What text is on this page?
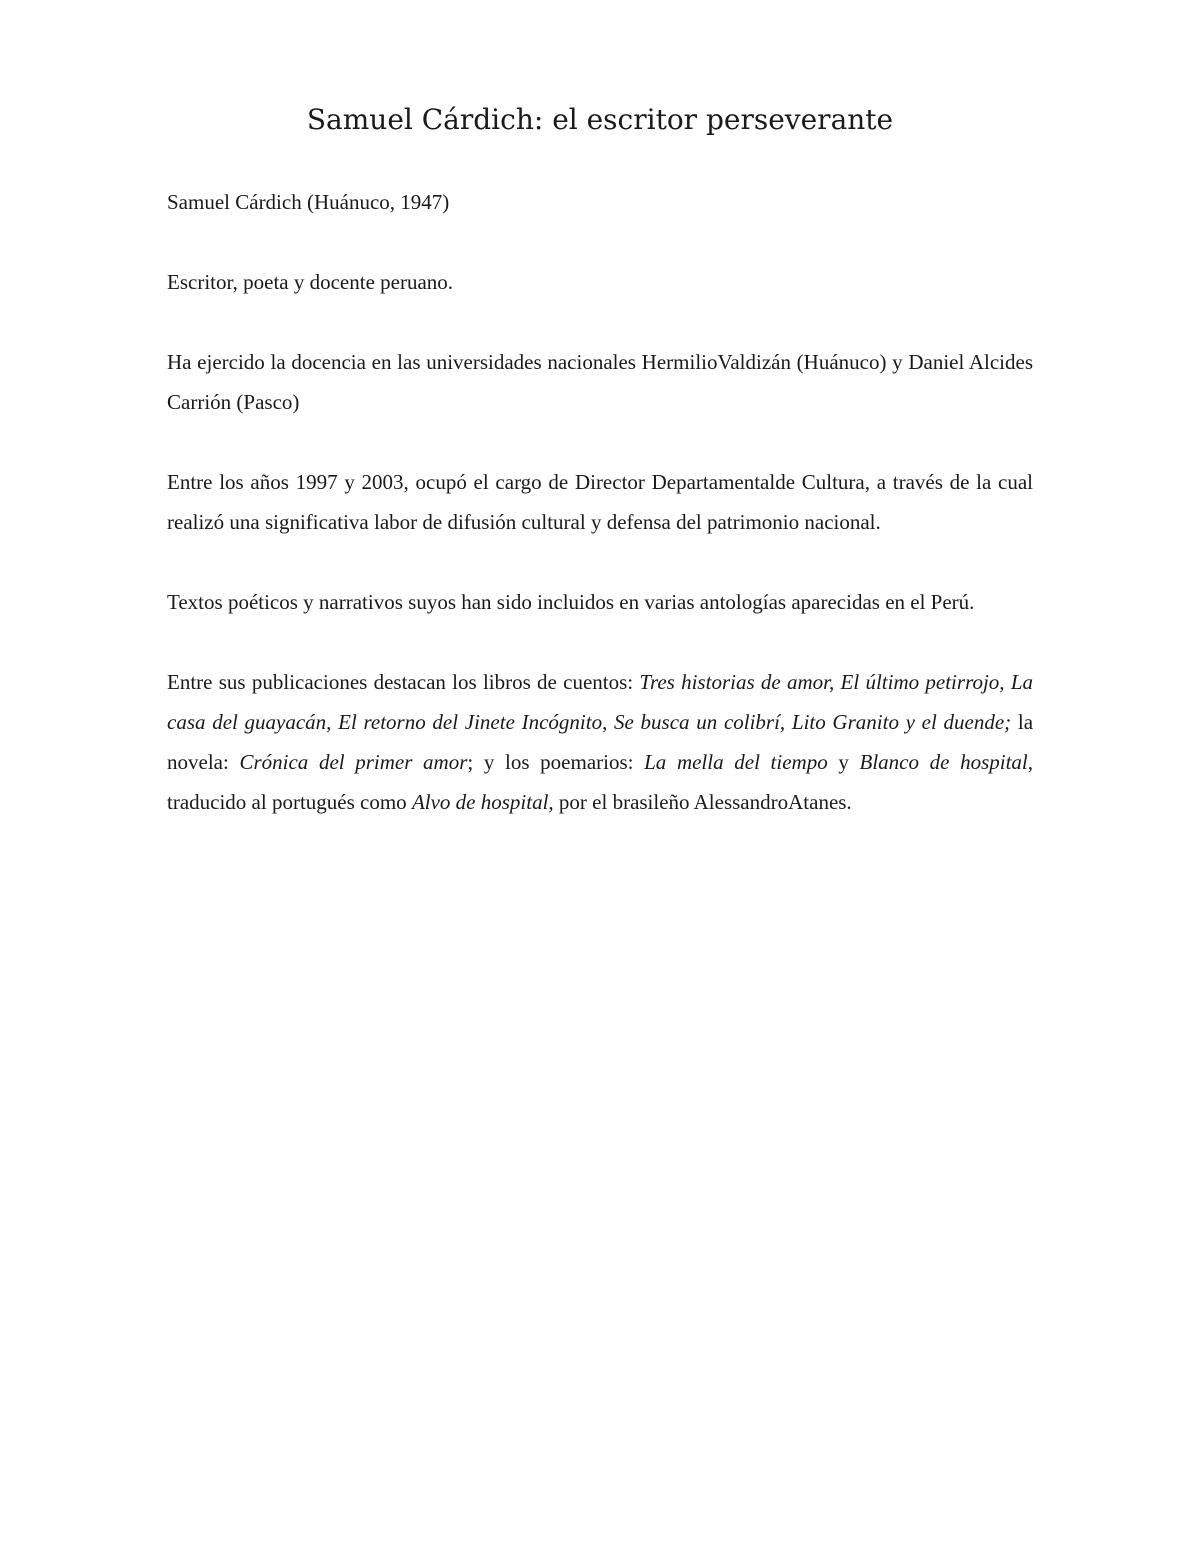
Samuel Cárdich: el escritor perseverante

Samuel Cárdich (Huánuco, 1947)

Escritor, poeta y docente peruano.

Ha ejercido la docencia en las universidades nacionales HermilioValdizán (Huánuco) y Daniel Alcides Carrión (Pasco)

Entre los años 1997 y 2003, ocupó el cargo de Director Departamentalde Cultura, a través de la cual realizó una significativa labor de difusión cultural y defensa del patrimonio nacional.

Textos poéticos y narrativos suyos han sido incluidos en varias antologías aparecidas en el Perú.

Entre sus publicaciones destacan los libros de cuentos: Tres historias de amor, El último petirrojo, La casa del guayacán, El retorno del Jinete Incógnito, Se busca un colibrí, Lito Granito y el duende; la novela: Crónica del primer amor; y los poemarios: La mella del tiempo y Blanco de hospital, traducido al portugués como Alvo de hospital, por el brasileño AlessandroAtanes.
